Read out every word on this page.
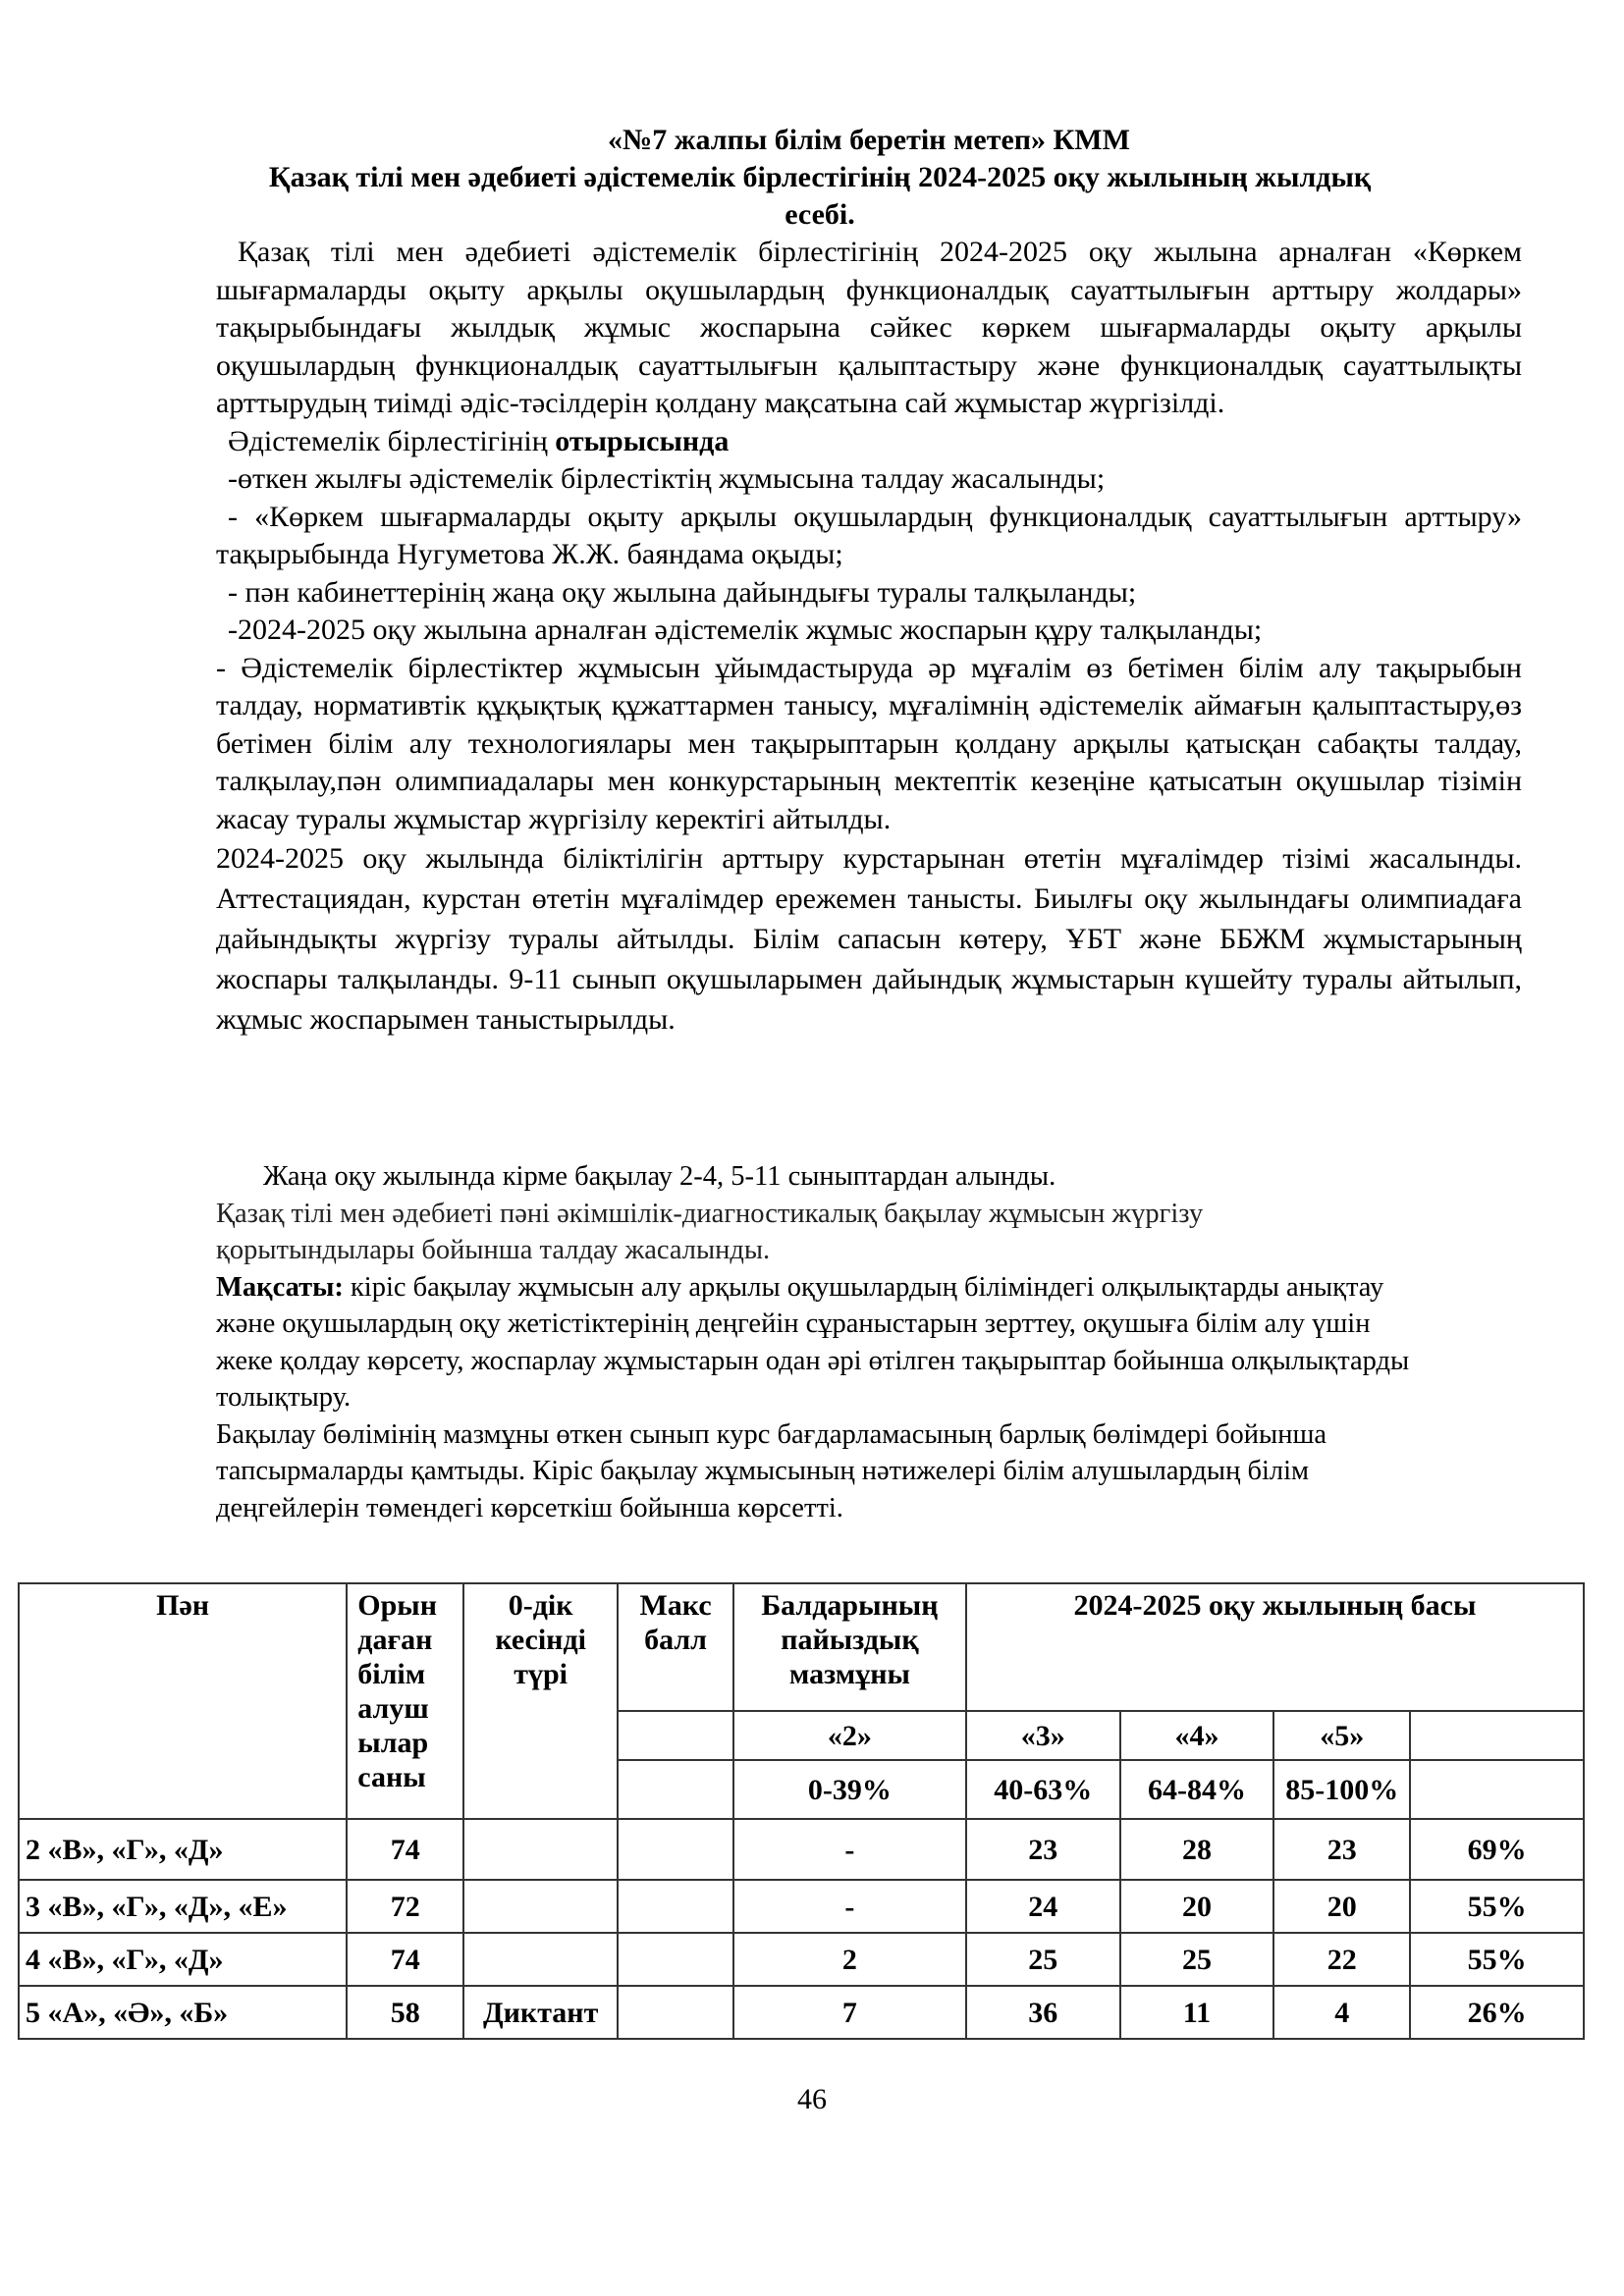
«№7 жалпы білім беретін метеп» КММ
Қазақ тілі мен әдебиеті әдістемелік бірлестігінің 2024-2025 оқу жылының жылдық есебі.

Қазақ тілі мен әдебиеті әдістемелік бірлестігінің 2024-2025 оқу жылына арналған «Көркем шығармаларды оқыту арқылы оқушылардың функционалдық сауаттылығын арттыру жолдары» тақырыбындағы жылдық жұмыс жоспарына сәйкес көркем шығармаларды оқыту арқылы оқушылардың функционалдық сауаттылығын қалыптастыру және функционалдық сауаттылықты арттырудың тиімді әдіс-тәсілдерін қолдану мақсатына сай жұмыстар жүргізілді.

Әдістемелік бірлестігінің отырысында

-өткен жылғы әдістемелік бірлестіктің жұмысына талдау жасалынды;

- «Көркем шығармаларды оқыту арқылы оқушылардың функционалдық сауаттылығын арттыру» тақырыбында Нугуметова Ж.Ж. баяндама оқыды;

- пән кабинеттерінің жаңа оқу жылына дайындығы туралы талқыланды;

-2024-2025 оқу жылына арналған әдістемелік жұмыс жоспарын құру талқыланды;

- Әдістемелік бірлестіктер жұмысын ұйымдастыруда әр мұғалім өз бетімен білім алу тақырыбын талдау, нормативтік құқықтық құжаттармен танысу, мұғалімнің әдістемелік аймағын қалыптастыру,өз бетімен білім алу технологиялары мен тақырыптарын қолдану арқылы қатысқан сабақты талдау, талқылау,пән олимпиадалары мен конкурстарының мектептік кезеңіне қатысатын оқушылар тізімін жасау туралы жұмыстар жүргізілу керектігі айтылды.

2024-2025 оқу жылында біліктілігін арттыру курстарынан өтетін мұғалімдер тізімі жасалынды. Аттестациядан, курстан өтетін мұғалімдер ережемен танысты. Биылғы оқу жылындағы олимпиадаға дайындықты жүргізу туралы айтылды. Білім сапасын көтеру, ҰБТ және ББЖМ жұмыстарының жоспары талқыланды. 9-11 сынып оқушыларымен дайындық жұмыстарын күшейту туралы айтылып, жұмыс жоспарымен таныстырылды.

Жаңа оқу жылында кірме бақылау 2-4, 5-11 сыныптардан алынды.

Қазақ тілі мен әдебиеті пәні әкімшілік-диагностикалық бақылау жұмысын жүргізу қорытындылары бойынша талдау жасалынды.

Мақсаты: кіріс бақылау жұмысын алу арқылы оқушылардың біліміндегі олқылықтарды анықтау және оқушылардың оқу жетістіктерінің деңгейін сұраныстарын зерттеу, оқушыға білім алу үшін жеке қолдау көрсету, жоспарлау жұмыстарын одан әрі өтілген тақырыптар бойынша олқылықтарды толықтыру.

Бақылау бөлімінің мазмұны өткен сынып курс бағдарламасының барлық бөлімдері бойынша тапсырмаларды қамтыды. Кіріс бақылау жұмысының нәтижелері білім алушылардың білім деңгейлерін төмендегі көрсеткіш бойынша көрсетті.

Пән	Орын даған білім алуш ылар саны	0-дік кесінді түрі	Макс балл	Балдарының пайыздық мазмұны	2024-2025 оқу жылының басы			
				«2»	«3»	«4»	«5»	
				0-39%	40-63%	64-84%	85-100%	
2 «В», «Г», «Д»	74			-	23	28	23	69%
3 «В», «Г», «Д», «Е»	72			-	24	20	20	55%
4 «В», «Г», «Д»	74			2	25	25	22	55%
5 «А», «Ә», «Б»	58	Диктант		7	36	11	4	26%
46
